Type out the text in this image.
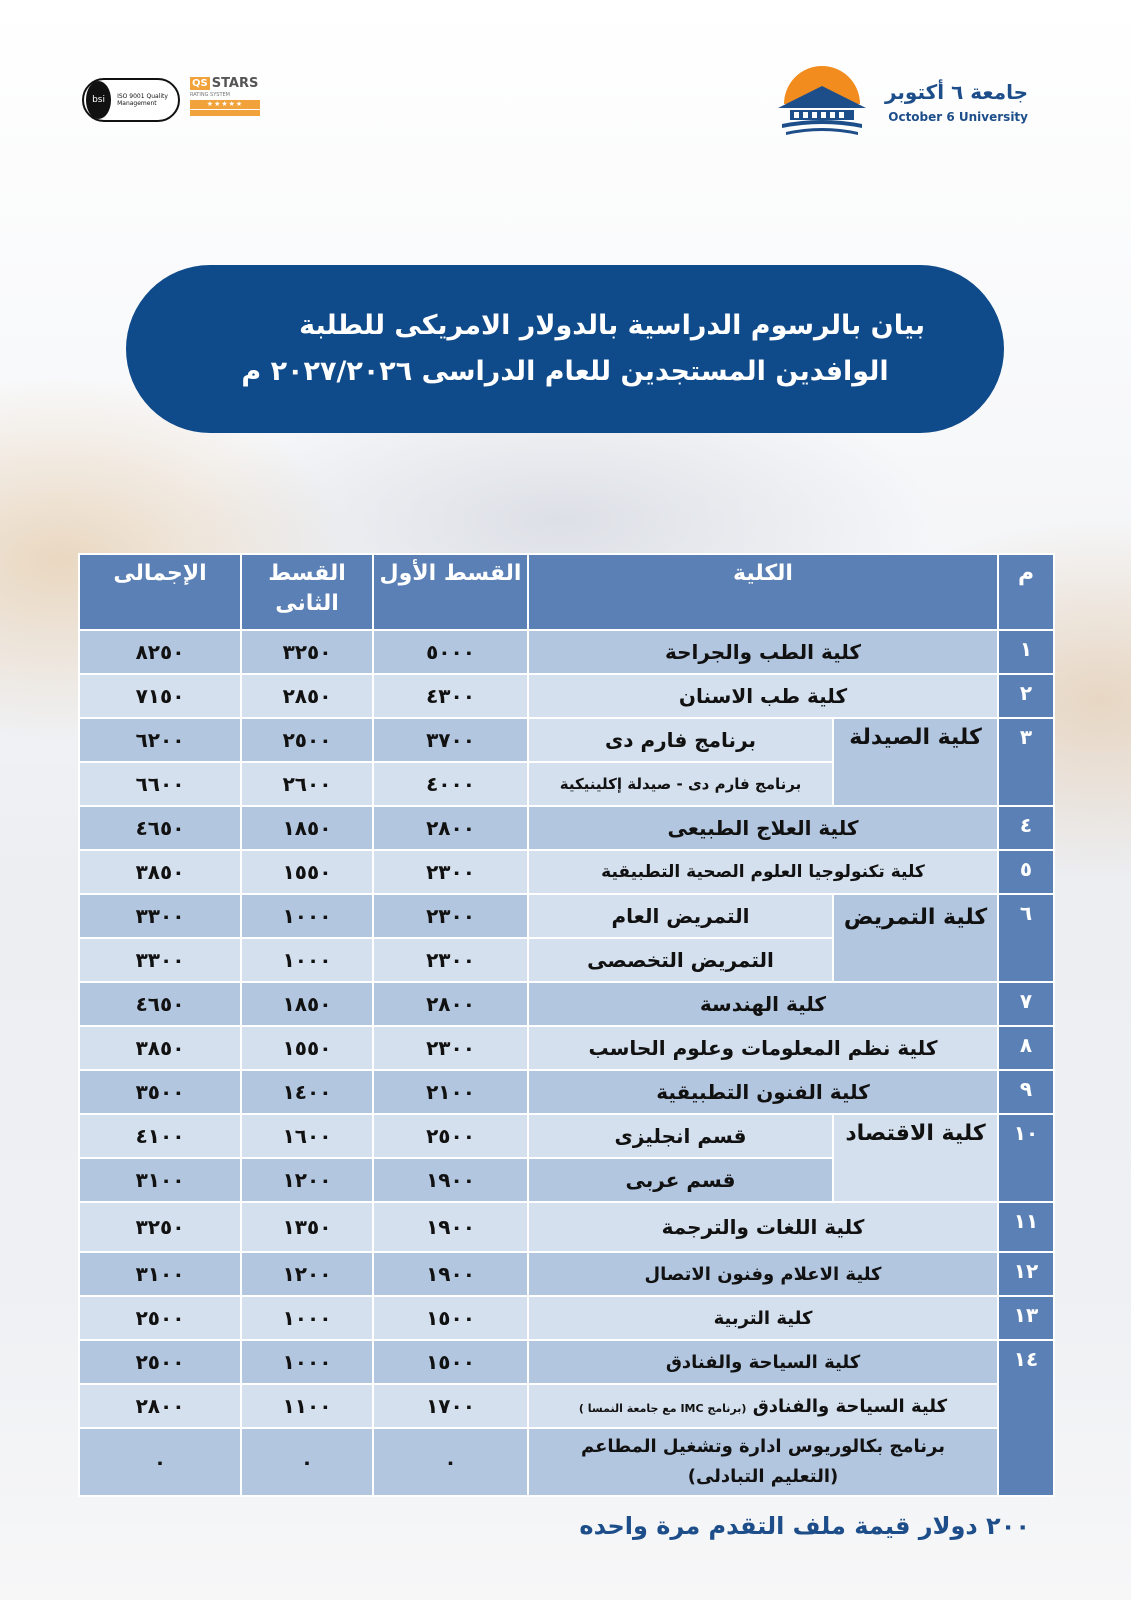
bsi	ISO 9001 Quality Management
QS STARS
RATING SYSTEM
★★★★★	جامعة ٦ أكتوبر
October 6 University
بيان بالرسوم الدراسية بالدولار الامريكى للطلبة
الوافدين المستجدين للعام الدراسى ٢٠٢٧/٢٠٢٦ م
م	الكلية		القسط الأول	القسط الثانى	الإجمالى
١	كلية الطب والجراحة		٥٠٠٠	٣٢٥٠	٨٢٥٠
٢	كلية طب الاسنان		٤٣٠٠	٢٨٥٠	٧١٥٠
٣	كلية الصيدلة	برنامج فارم دى	٣٧٠٠	٢٥٠٠	٦٢٠٠
		برنامج فارم دى - صيدلة إكلينيكية	٤٠٠٠	٢٦٠٠	٦٦٠٠
٤	كلية العلاج الطبيعى		٢٨٠٠	١٨٥٠	٤٦٥٠
٥	كلية تكنولوجيا العلوم الصحية التطبيقية		٢٣٠٠	١٥٥٠	٣٨٥٠
٦	كلية التمريض	التمريض العام	٢٣٠٠	١٠٠٠	٣٣٠٠
		التمريض التخصصى	٢٣٠٠	١٠٠٠	٣٣٠٠
٧	كلية الهندسة		٢٨٠٠	١٨٥٠	٤٦٥٠
٨	كلية نظم المعلومات وعلوم الحاسب		٢٣٠٠	١٥٥٠	٣٨٥٠
٩	كلية الفنون التطبيقية		٢١٠٠	١٤٠٠	٣٥٠٠
١٠	كلية الاقتصاد	قسم انجليزى	٢٥٠٠	١٦٠٠	٤١٠٠
		قسم عربى	١٩٠٠	١٢٠٠	٣١٠٠
١١	كلية اللغات والترجمة		١٩٠٠	١٣٥٠	٣٢٥٠
١٢	كلية الاعلام وفنون الاتصال		١٩٠٠	١٢٠٠	٣١٠٠
١٣	كلية التربية		١٥٠٠	١٠٠٠	٢٥٠٠
١٤	كلية السياحة والفنادق		١٥٠٠	١٠٠٠	٢٥٠٠
	كلية السياحة والفنادق (برنامج IMC مع جامعة النمسا )		١٧٠٠	١١٠٠	٢٨٠٠

	برنامج بكالوريوس ادارة وتشغيل المطاعم
(التعليم التبادلى)		٠	٠	٠
٢٠٠ دولار قيمة ملف التقدم مرة واحده
